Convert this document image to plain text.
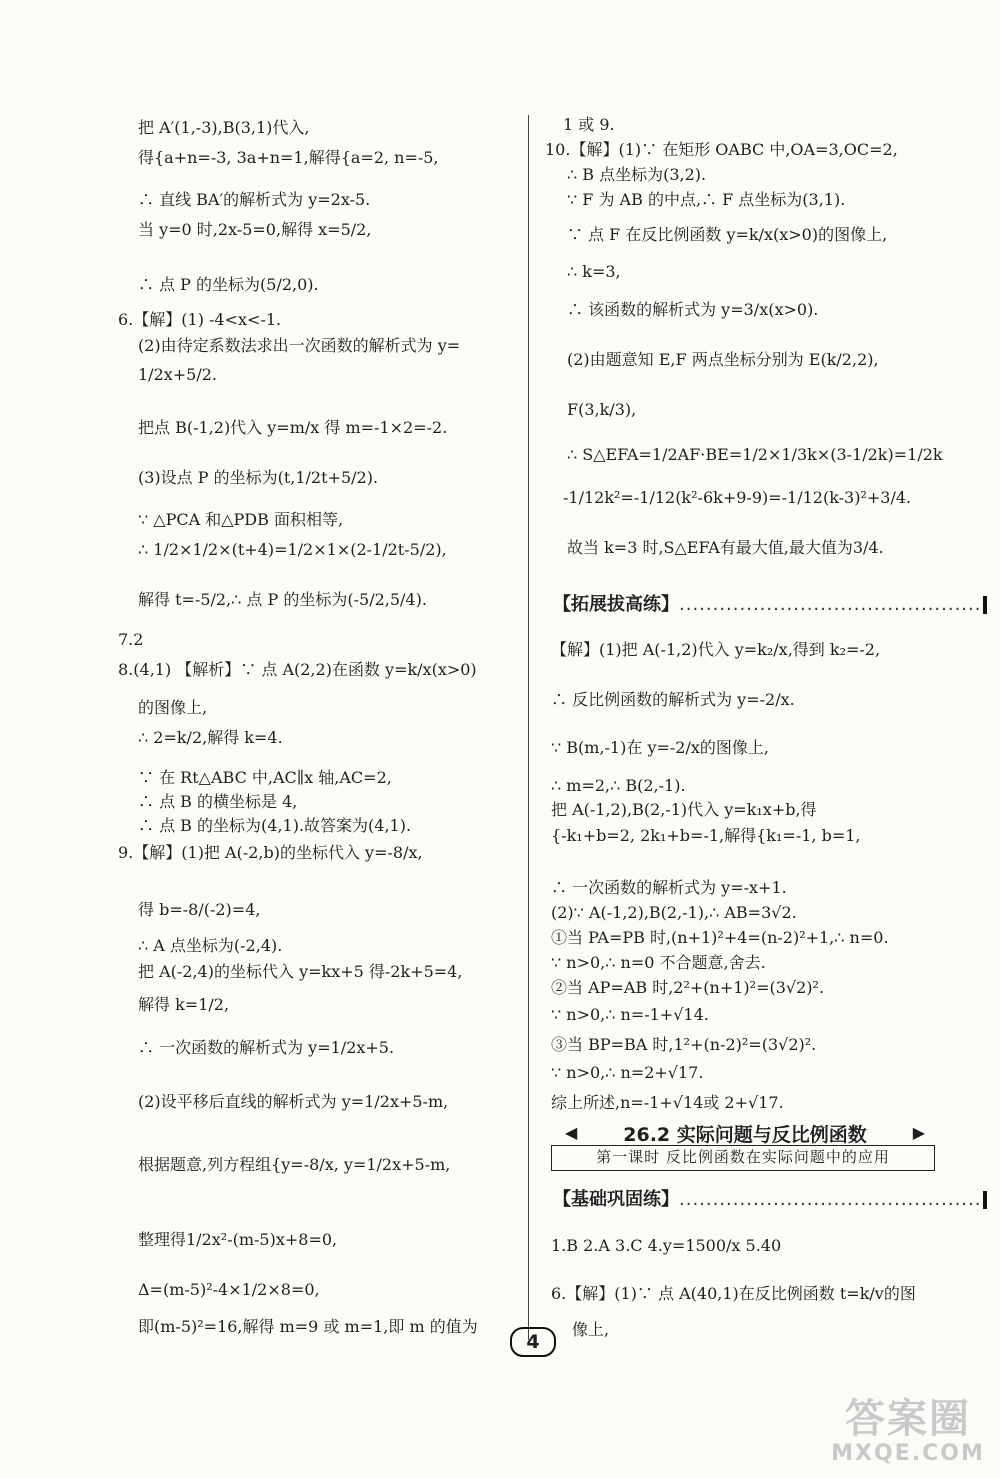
把 A′(1,-3),B(3,1)代入,
得{a+n=-3, 3a+n=1,解得{a=2, n=-5,
∴ 直线 BA′的解析式为 y=2x-5.
当 y=0 时,2x-5=0,解得 x=5/2,
∴ 点 P 的坐标为(5/2,0).
6.【解】(1) -4<x<-1.
(2)由待定系数法求出一次函数的解析式为 y=
1/2x+5/2.
把点 B(-1,2)代入 y=m/x 得 m=-1×2=-2.
(3)设点 P 的坐标为(t,1/2t+5/2).
∵ △PCA 和△PDB 面积相等,
∴ 1/2×1/2×(t+4)=1/2×1×(2-1/2t-5/2),
解得 t=-5/2,∴ 点 P 的坐标为(-5/2,5/4).
7.2
8.(4,1) 【解析】∵ 点 A(2,2)在函数 y=k/x(x>0)
的图像上,
∴ 2=k/2,解得 k=4.
∵ 在 Rt△ABC 中,AC∥x 轴,AC=2,
∴ 点 B 的横坐标是 4,
∴ 点 B 的坐标为(4,1).故答案为(4,1).
9.【解】(1)把 A(-2,b)的坐标代入 y=-8/x,
得 b=-8/(-2)=4,
∴ A 点坐标为(-2,4).
把 A(-2,4)的坐标代入 y=kx+5 得-2k+5=4,
解得 k=1/2,
∴ 一次函数的解析式为 y=1/2x+5.
(2)设平移后直线的解析式为 y=1/2x+5-m,
根据题意,列方程组{y=-8/x, y=1/2x+5-m,
整理得1/2x²-(m-5)x+8=0,
Δ=(m-5)²-4×1/2×8=0,
即(m-5)²=16,解得 m=9 或 m=1,即 m 的值为
1 或 9.
10.【解】(1)∵ 在矩形 OABC 中,OA=3,OC=2,
∴ B 点坐标为(3,2).
∵ F 为 AB 的中点,∴ F 点坐标为(3,1).
∵ 点 F 在反比例函数 y=k/x(x>0)的图像上,
∴ k=3,
∴ 该函数的解析式为 y=3/x(x>0).
(2)由题意知 E,F 两点坐标分别为 E(k/2,2),
F(3,k/3),
∴ S△EFA=1/2AF·BE=1/2×1/3k×(3-1/2k)=1/2k
-1/12k²=-1/12(k²-6k+9-9)=-1/12(k-3)²+3/4.
故当 k=3 时,S△EFA有最大值,最大值为3/4.
【拓展拔高练】.............................................
◀ 26.2 实际问题与反比例函数	▶
第一课时 反比例函数在实际问题中的应用
【基础巩固练】.............................................
4
答案圈
MXQE.COM
【解】(1)把 A(-1,2)代入 y=k₂/x,得到 k₂=-2,
∴ 反比例函数的解析式为 y=-2/x.
∵ B(m,-1)在 y=-2/x的图像上,
∴ m=2,∴ B(2,-1).
把 A(-1,2),B(2,-1)代入 y=k₁x+b,得
{-k₁+b=2, 2k₁+b=-1,解得{k₁=-1, b=1,
∴ 一次函数的解析式为 y=-x+1.
(2)∵ A(-1,2),B(2,-1),∴ AB=3√2.
①当 PA=PB 时,(n+1)²+4=(n-2)²+1,∴ n=0.
∵ n>0,∴ n=0 不合题意,舍去.
②当 AP=AB 时,2²+(n+1)²=(3√2)².
∵ n>0,∴ n=-1+√14.
③当 BP=BA 时,1²+(n-2)²=(3√2)².
∵ n>0,∴ n=2+√17.
综上所述,n=-1+√14或 2+√17.
1.B 2.A 3.C 4.y=1500/x 5.40
6.【解】(1)∵ 点 A(40,1)在反比例函数 t=k/v的图
像上,
